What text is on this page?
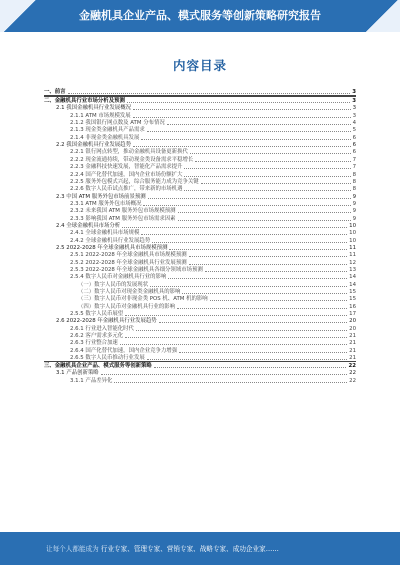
金融机具企业产品、模式服务等创新策略研究报告
内容目录
一、前言	3
二、金融机具行业市场分析及预测	3
2.1 我国金融机具行业发展概况	3
2.1.1 ATM 市场规模发展	3
2.1.2 我国银行网点数及 ATM 分布情况	4
2.1.3 现金类金融机具产品需求	5
2.1.4 非现金类金融机具发展	6
2.2 我国金融机具行业发展趋势	6
2.2.1 银行网点转型，推动金融机具设备更新换代	6
2.2.2 现金流通持续，带动现金类设备需求平稳增长	7
2.2.3 金融科技快速发展，智能化产品需求提升	7
2.2.4 国产化替代加速，国内企业市场份额扩大	8
2.2.5 服务外包模式兴起，综合服务能力成为竞争关键	8
2.2.6 数字人民币试点推广，带来新的市场机遇	8
2.3 中国 ATM 服务外包市场前景预测	9
2.3.1 ATM 服务外包市场概况	9
2.3.2 未来我国 ATM 服务外包市场规模预测	9
2.3.3 影响我国 ATM 服务外包市场需求因素	9
2.4 全球金融机具市场分析	10
2.4.1 全球金融机具市场规模	10
2.4.2 全球金融机具行业发展趋势	10
2.5 2022-2028 年全球金融机具市场规模预测	11
2.5.1 2022-2028 年全球金融机具市场规模预测	11
2.5.2 2022-2028 年全球金融机具行业发展预测	12
2.5.3 2022-2028 年全球金融机具各细分领域市场预测	13
2.5.4 数字人民币对金融机具行业的影响	14
（一）数字人民币的发展现状	14
（二）数字人民币对现金类金融机具的影响	15
（三）数字人民币对非现金类 POS 机、ATM 机的影响	15
（四）数字人民币对金融机具行业的影响	16
2.5.5 数字人民币展望	17
2.6 2022-2028 年金融机具行业发展趋势	20
2.6.1 行业进入智能化时代	20
2.6.2 客户需求多元化	21
2.6.3 行业整合加速	21
2.6.4 国产化替代加速，国内企业竞争力增强	21
2.6.5 数字人民币推动行业发展	21
三、金融机具企业产品、模式服务等创新策略	22
3.1 产品创新策略	22
3.1.1 产品差异化	22
让每个人都能成为 行业专家、管理专家、营销专家、战略专家、成功企业家……
